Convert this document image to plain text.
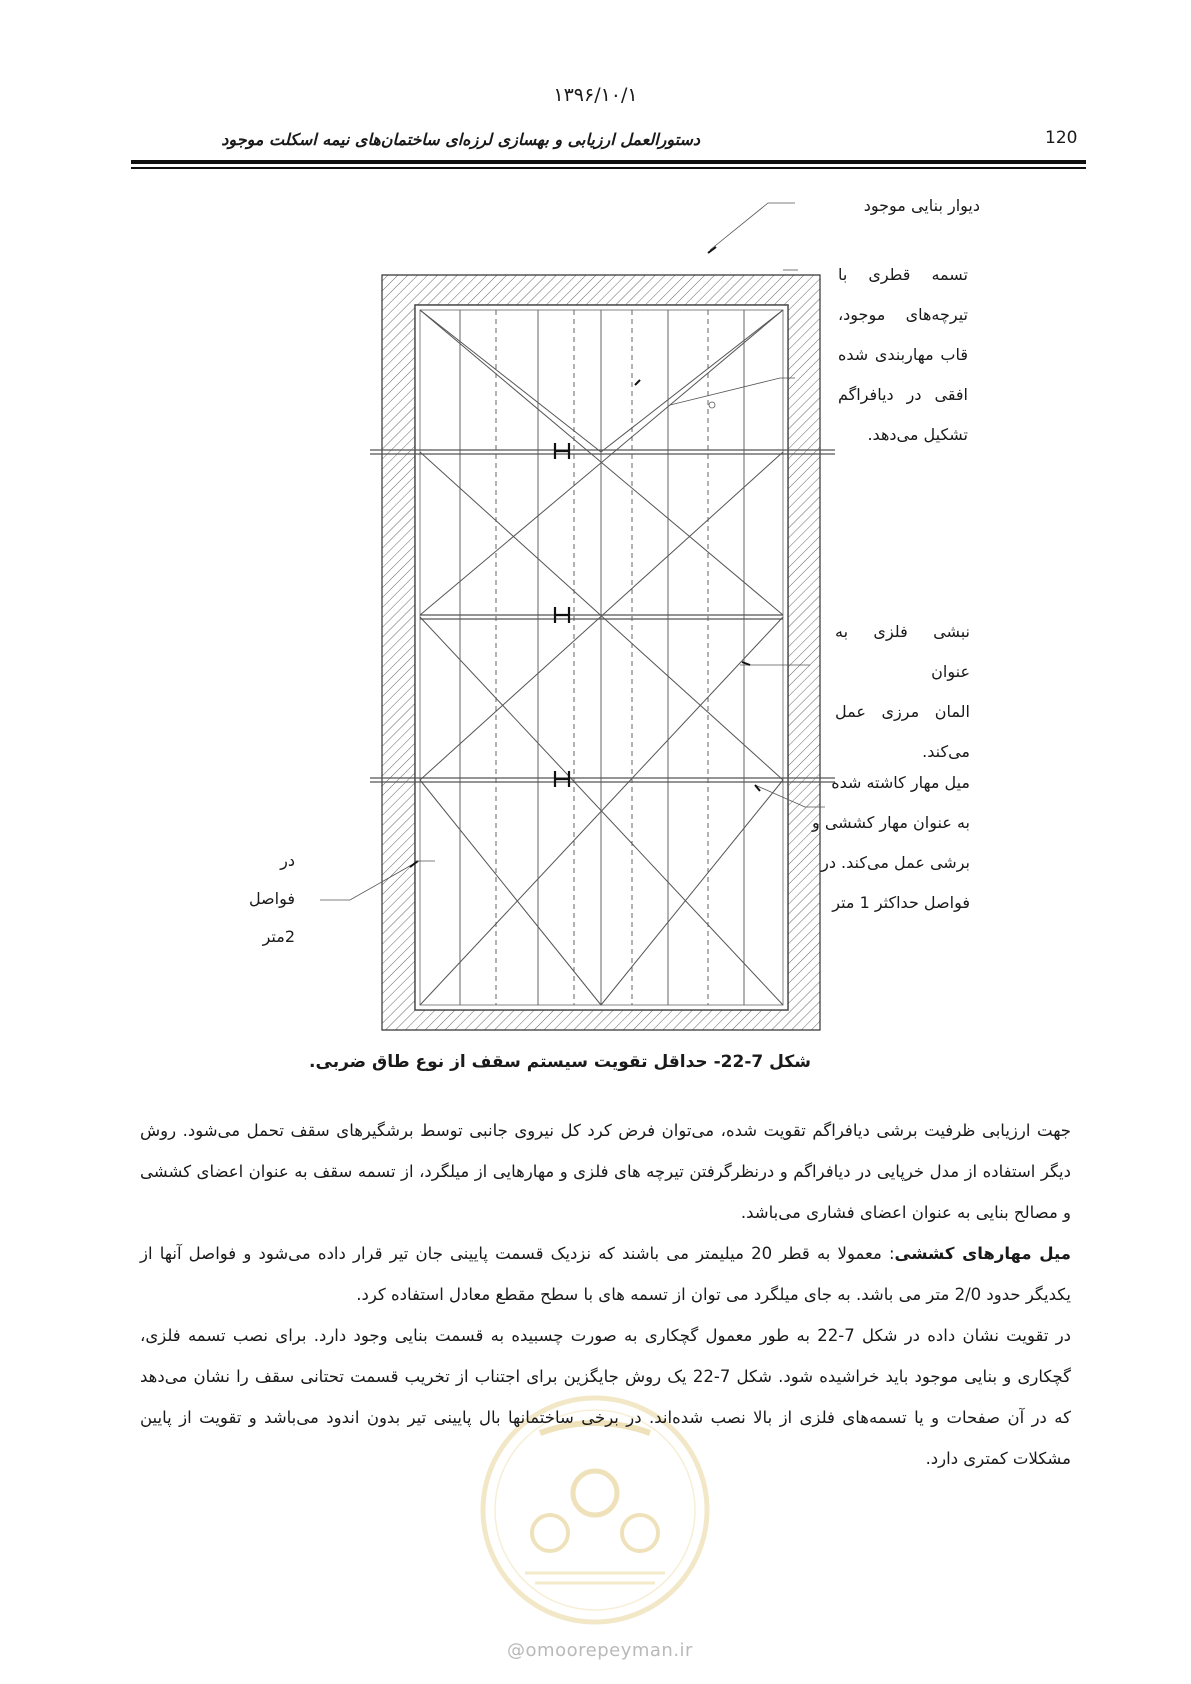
۱۳۹۶/۱۰/۱
120
دستورالعمل ارزیابی و بهسازی لرزه‌ای ساختمان‌های نیمه اسکلت موجود
دیوار بنایی موجود
تسمه قطری با
تیرچه‌های موجود،
قاب مهاربندی شده
افقی در دیافراگم
تشکیل می‌دهد.
نبشی فلزی به عنوان
المان مرزی عمل
می‌کند.
میل مهار کاشته شده
به عنوان مهار کششی و
برشی عمل می‌کند. در
فواصل حداکثر 1 متر
در
فواصل
2متر
شکل 7-22- حداقل تقویت سیستم سقف از نوع طاق ضربی.
@omoorepeyman.ir

جهت ارزیابی ظرفیت برشی دیافراگم تقویت شده، می‌توان فرض کرد کل نیروی جانبی توسط برشگیرهای سقف تحمل می‌شود. روش دیگر استفاده از مدل خرپایی در دیافراگم و درنظرگرفتن تیرچه های فلزی و مهارهایی از میلگرد، از تسمه سقف به عنوان اعضای کششی و مصالح بنایی به عنوان اعضای فشاری می‌باشد.

میل مهارهای کششی: معمولا به قطر 20 میلیمتر می باشند که نزدیک قسمت پایینی جان تیر قرار داده می‌شود و فواصل آنها از یکدیگر حدود 2/0 متر می باشد. به جای میلگرد می توان از تسمه های با سطح مقطع معادل استفاده کرد.

در تقویت نشان داده در شکل 7-22 به طور معمول گچکاری به صورت چسبیده به قسمت بنایی وجود دارد. برای نصب تسمه فلزی، گچکاری و بنایی موجود باید خراشیده شود. شکل 7-22 یک روش جایگزین برای اجتناب از تخریب قسمت تحتانی سقف را نشان می‌دهد که در آن صفحات و یا تسمه‌های فلزی از بالا نصب شده‌اند. در برخی ساختمانها بال پایینی تیر بدون اندود می‌باشد و تقویت از پایین مشکلات کمتری دارد.
